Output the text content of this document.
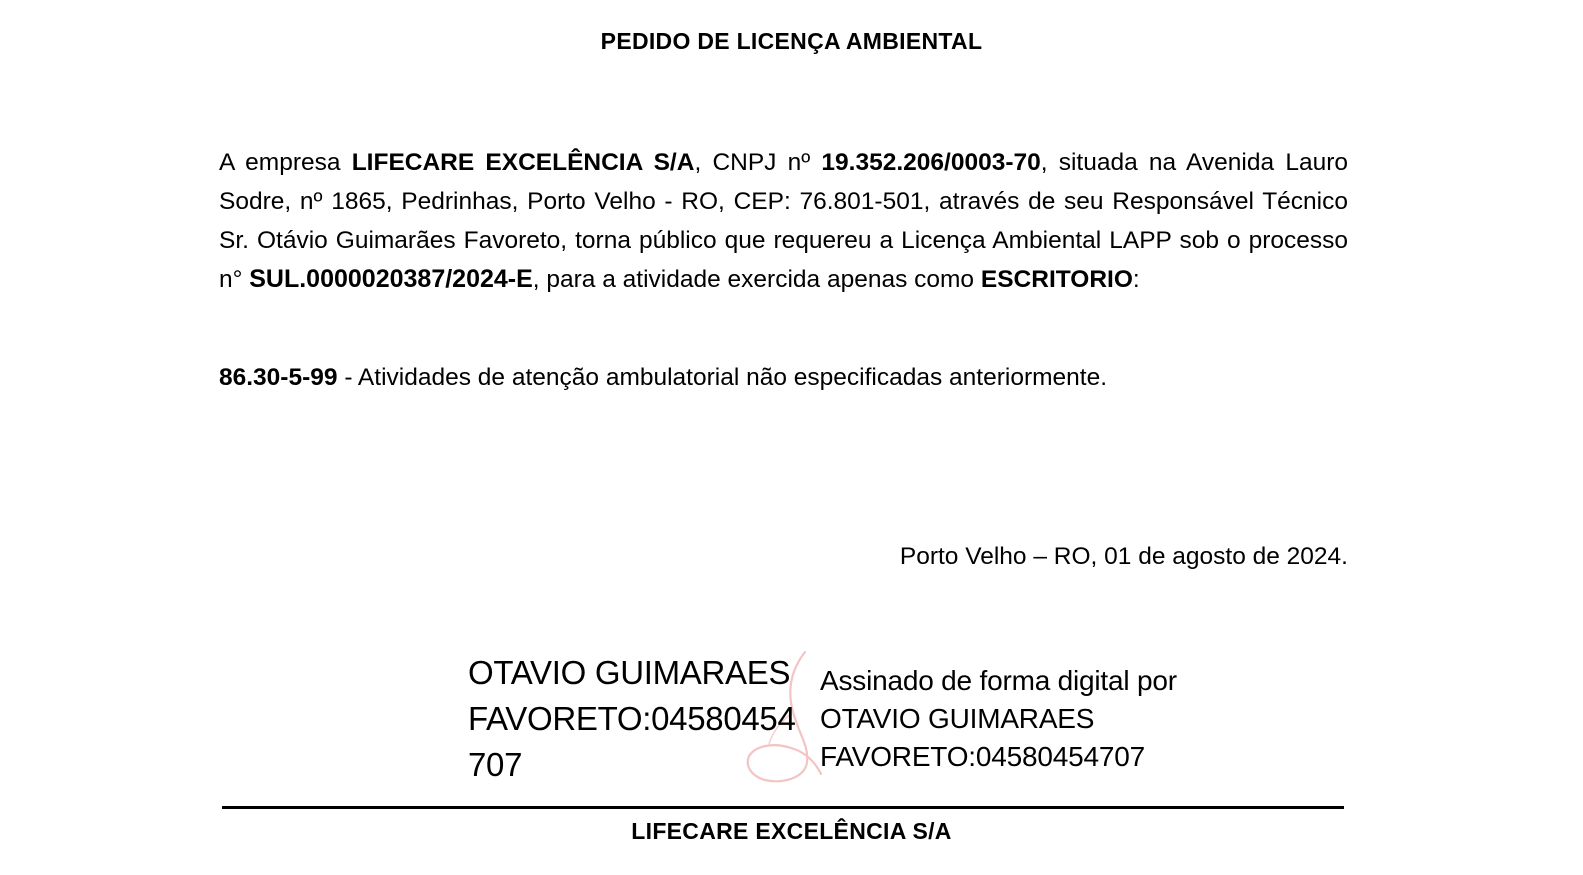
PEDIDO DE LICENÇA AMBIENTAL
A empresa LIFECARE EXCELÊNCIA S/A, CNPJ nº 19.352.206/0003-70, situada na Avenida Lauro Sodre, nº 1865, Pedrinhas, Porto Velho - RO, CEP: 76.801-501, através de seu Responsável Técnico Sr. Otávio Guimarães Favoreto, torna público que requereu a Licença Ambiental LAPP sob o processo n° SUL.0000020387/2024-E, para a atividade exercida apenas como ESCRITORIO:
86.30-5-99 - Atividades de atenção ambulatorial não especificadas anteriormente.
Porto Velho – RO, 01 de agosto de 2024.
OTAVIO GUIMARAES FAVORETO:04580454707
Assinado de forma digital por OTAVIO GUIMARAES FAVORETO:04580454707
LIFECARE EXCELÊNCIA S/A
